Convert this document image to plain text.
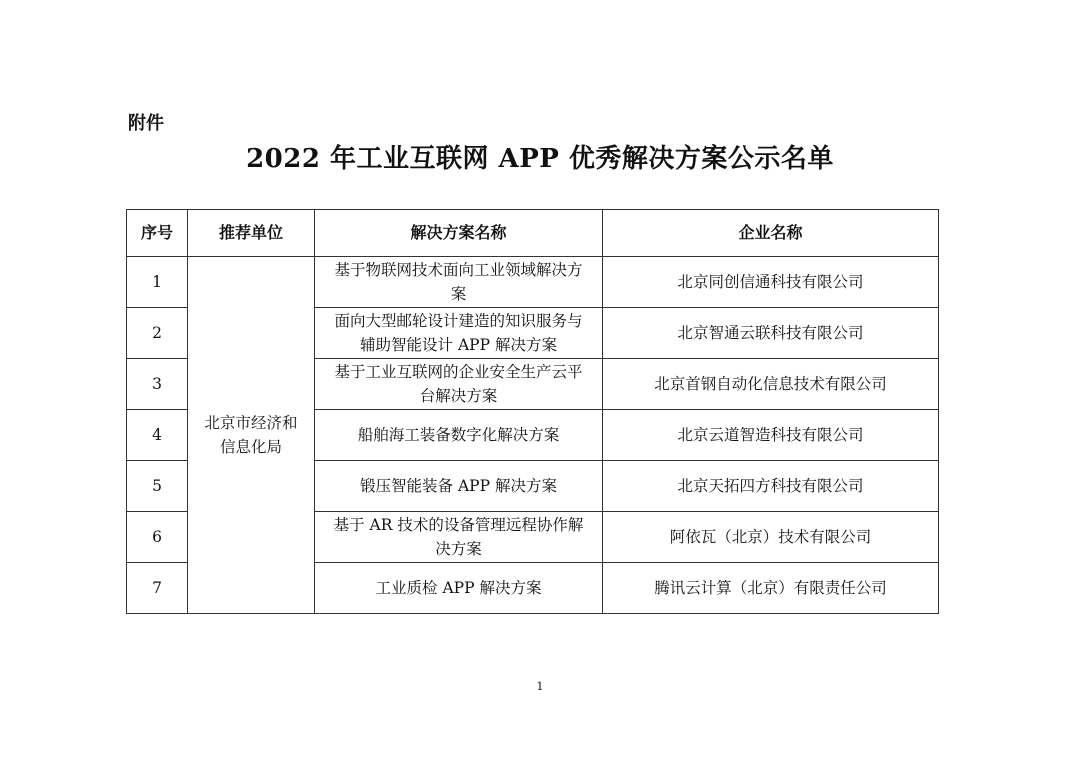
附件
2022 年工业互联网 APP 优秀解决方案公示名单
序号	推荐单位	解决方案名称	企业名称
1	北京市经济和信息化局	基于物联网技术面向工业领域解决方案	北京同创信通科技有限公司
2		面向大型邮轮设计建造的知识服务与辅助智能设计 APP 解决方案	北京智通云联科技有限公司
3		基于工业互联网的企业安全生产云平台解决方案	北京首钢自动化信息技术有限公司
4		船舶海工装备数字化解决方案	北京云道智造科技有限公司
5		锻压智能装备 APP 解决方案	北京天拓四方科技有限公司
6		基于 AR 技术的设备管理远程协作解决方案	阿依瓦（北京）技术有限公司
7		工业质检 APP 解决方案	腾讯云计算（北京）有限责任公司
1
